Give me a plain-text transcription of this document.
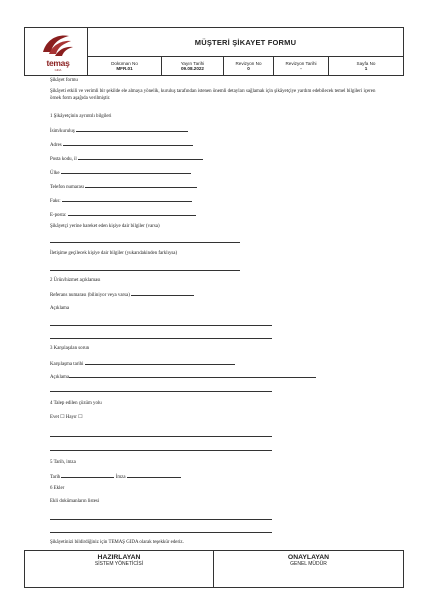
temaş
GIDA
MÜŞTERİ ŞİKAYET FORMU
Doküman No
MFR.01
Yayın Tarihi
09.08.2022
Revizyon No
0
Revizyon Tarihi
-
Sayfa No
1
Şikâyet formu
Şikâyeti etkili ve verimli bir şekilde ele almaya yönelik, kuruluş tarafından istenen önemli detayları sağlamak için şikâyetçiye yardım edebilecek temel bilgileri içeren örnek form aşağıda verilmiştir.
1 Şikâyetçinin ayrıntılı bilgileri
İsim/kuruluş
Adres
Posta kodu, il
Ülke
Telefon numarası
Faks:
E-posta:
Şikâyetçi yerine hareket eden kişiye dair bilgiler (varsa)
İletişime geçilecek kişiye dair bilgiler (yukarıdakinden farklıysa)
2 Ürün/hizmet açıklaması
Referans numarası (biliniyor veya varsa)
Açıklama
3 Karşılaşılan sorun
Karşılaşma tarihi
Açıklama
4 Talep edilen çözüm yolu
Evet ☐ Hayır ☐
5 Tarih, imza
Tarih	İmza
6 Ekler
Ekli dokümanların listesi
Şikâyetinizi bildirdiğiniz için TEMAŞ GIDA olarak teşekkür ederiz.
HAZIRLAYAN
SİSTEM YÖNETİCİSİ
ONAYLAYAN
GENEL MÜDÜR
